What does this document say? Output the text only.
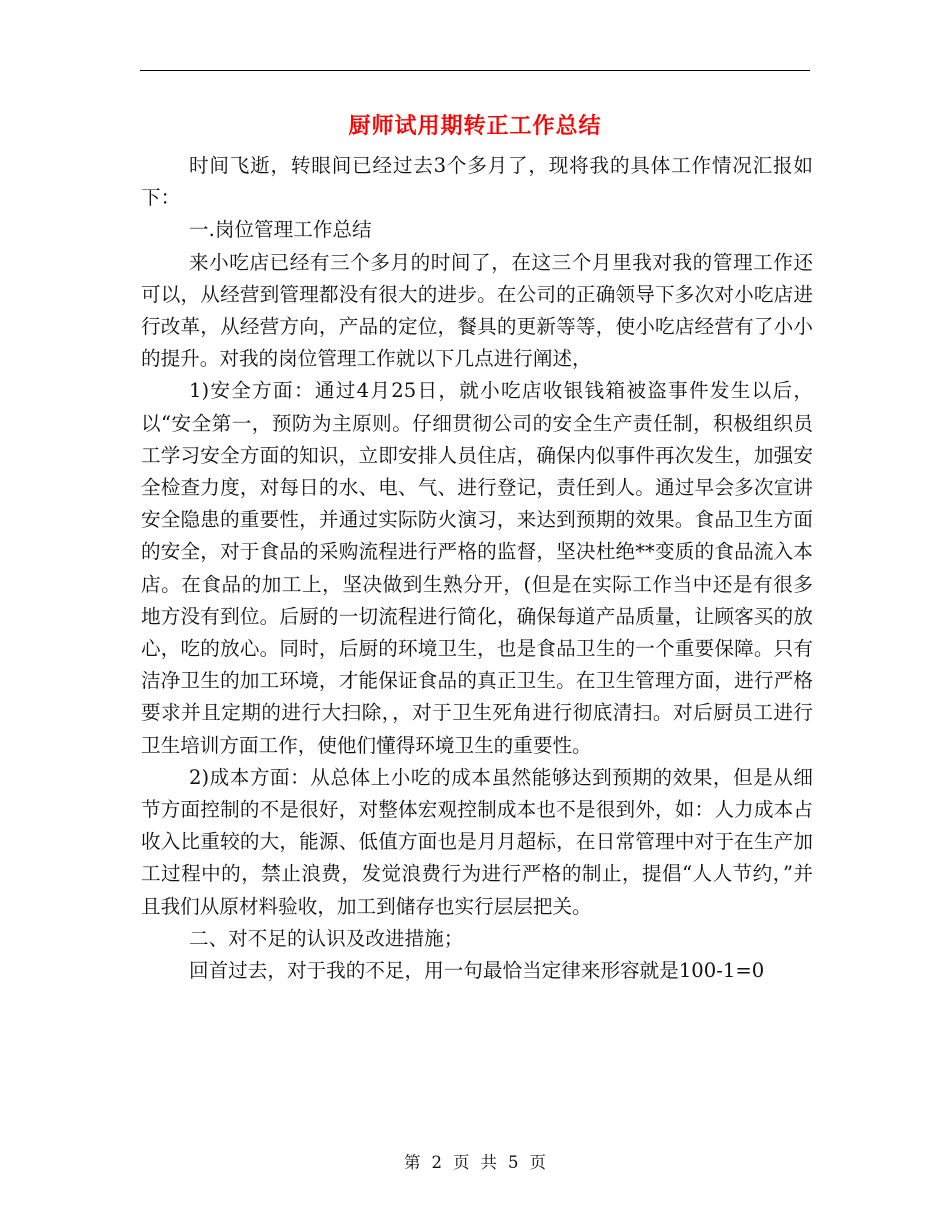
厨师试用期转正工作总结

时间飞逝，转眼间已经过去3个多月了，现将我的具体工作情况汇报如下：

一.岗位管理工作总结

来小吃店已经有三个多月的时间了，在这三个月里我对我的管理工作还可以，从经营到管理都没有很大的进步。在公司的正确领导下多次对小吃店进行改革，从经营方向，产品的定位，餐具的更新等等，使小吃店经营有了小小的提升。对我的岗位管理工作就以下几点进行阐述，

1)安全方面：通过4月25日，就小吃店收银钱箱被盗事件发生以后，以“安全第一，预防为主原则。仔细贯彻公司的安全生产责任制，积极组织员工学习安全方面的知识，立即安排人员住店，确保内似事件再次发生，加强安全检查力度，对每日的水、电、气、进行登记，责任到人。通过早会多次宣讲安全隐患的重要性，并通过实际防火演习，来达到预期的效果。食品卫生方面的安全，对于食品的采购流程进行严格的监督，坚决杜绝**变质的食品流入本店。在食品的加工上，坚决做到生熟分开，(但是在实际工作当中还是有很多地方没有到位。后厨的一切流程进行简化，确保每道产品质量，让顾客买的放心，吃的放心。同时，后厨的环境卫生，也是食品卫生的一个重要保障。只有洁净卫生的加工环境，才能保证食品的真正卫生。在卫生管理方面，进行严格要求并且定期的进行大扫除，，对于卫生死角进行彻底清扫。对后厨员工进行卫生培训方面工作，使他们懂得环境卫生的重要性。

2)成本方面：从总体上小吃的成本虽然能够达到预期的效果，但是从细节方面控制的不是很好，对整体宏观控制成本也不是很到外，如：人力成本占收入比重较的大，能源、低值方面也是月月超标，在日常管理中对于在生产加工过程中的，禁止浪费，发觉浪费行为进行严格的制止，提倡“人人节约，”并且我们从原材料验收，加工到储存也实行层层把关。

二、对不足的认识及改进措施；

回首过去，对于我的不足，用一句最恰当定律来形容就是100-1=0

第 2 页 共 5 页
